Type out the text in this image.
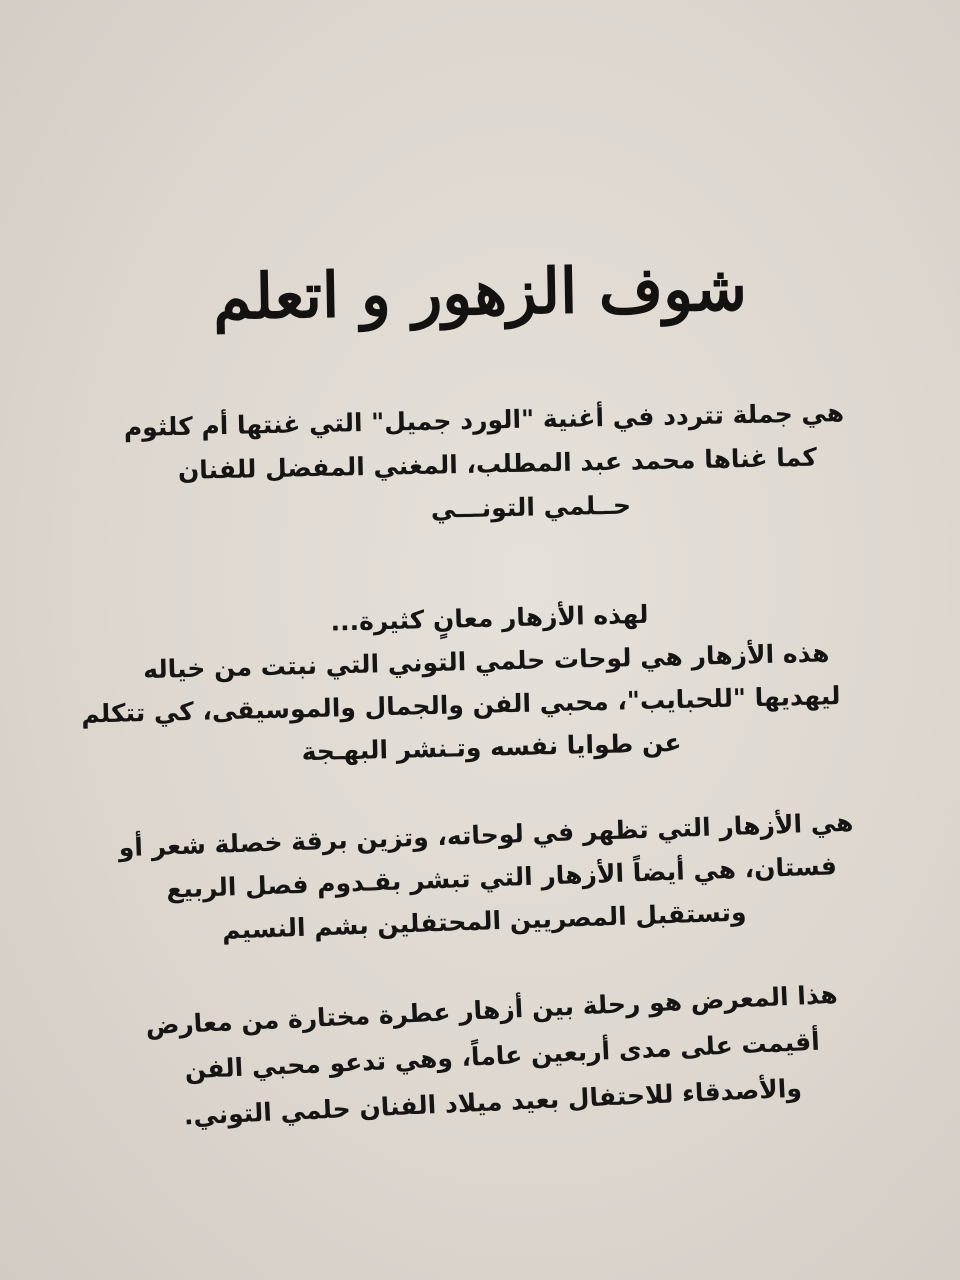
شوف الزهور و اتعلم
هي جملة تتردد في أغنية "الورد جميل" التي غنتها أم كلثوم
كما غناها محمد عبد المطلب، المغني المفضل للفنان
حــلمي التونـــي
لهذه الأزهار معانٍ كثيرة...
هذه الأزهار هي لوحات حلمي التوني التي نبتت من خياله
ليهديها "للحبايب"، محبي الفن والجمال والموسيقى، كي تتكلم
عن طوايا نفسه وتـنشر البهـجة
هي الأزهار التي تظهر في لوحاته، وتزين برقة خصلة شعر أو
فستان، هي أيضاً الأزهار التي تبشر بقـدوم فصل الربيع
وتستقبل المصريين المحتفلين بشم النسيم
هذا المعرض هو رحلة بين أزهار عطرة مختارة من معارض
أقيمت على مدى أربعين عاماً، وهي تدعو محبي الفن
والأصدقاء للاحتفال بعيد ميلاد الفنان حلمي التوني.
